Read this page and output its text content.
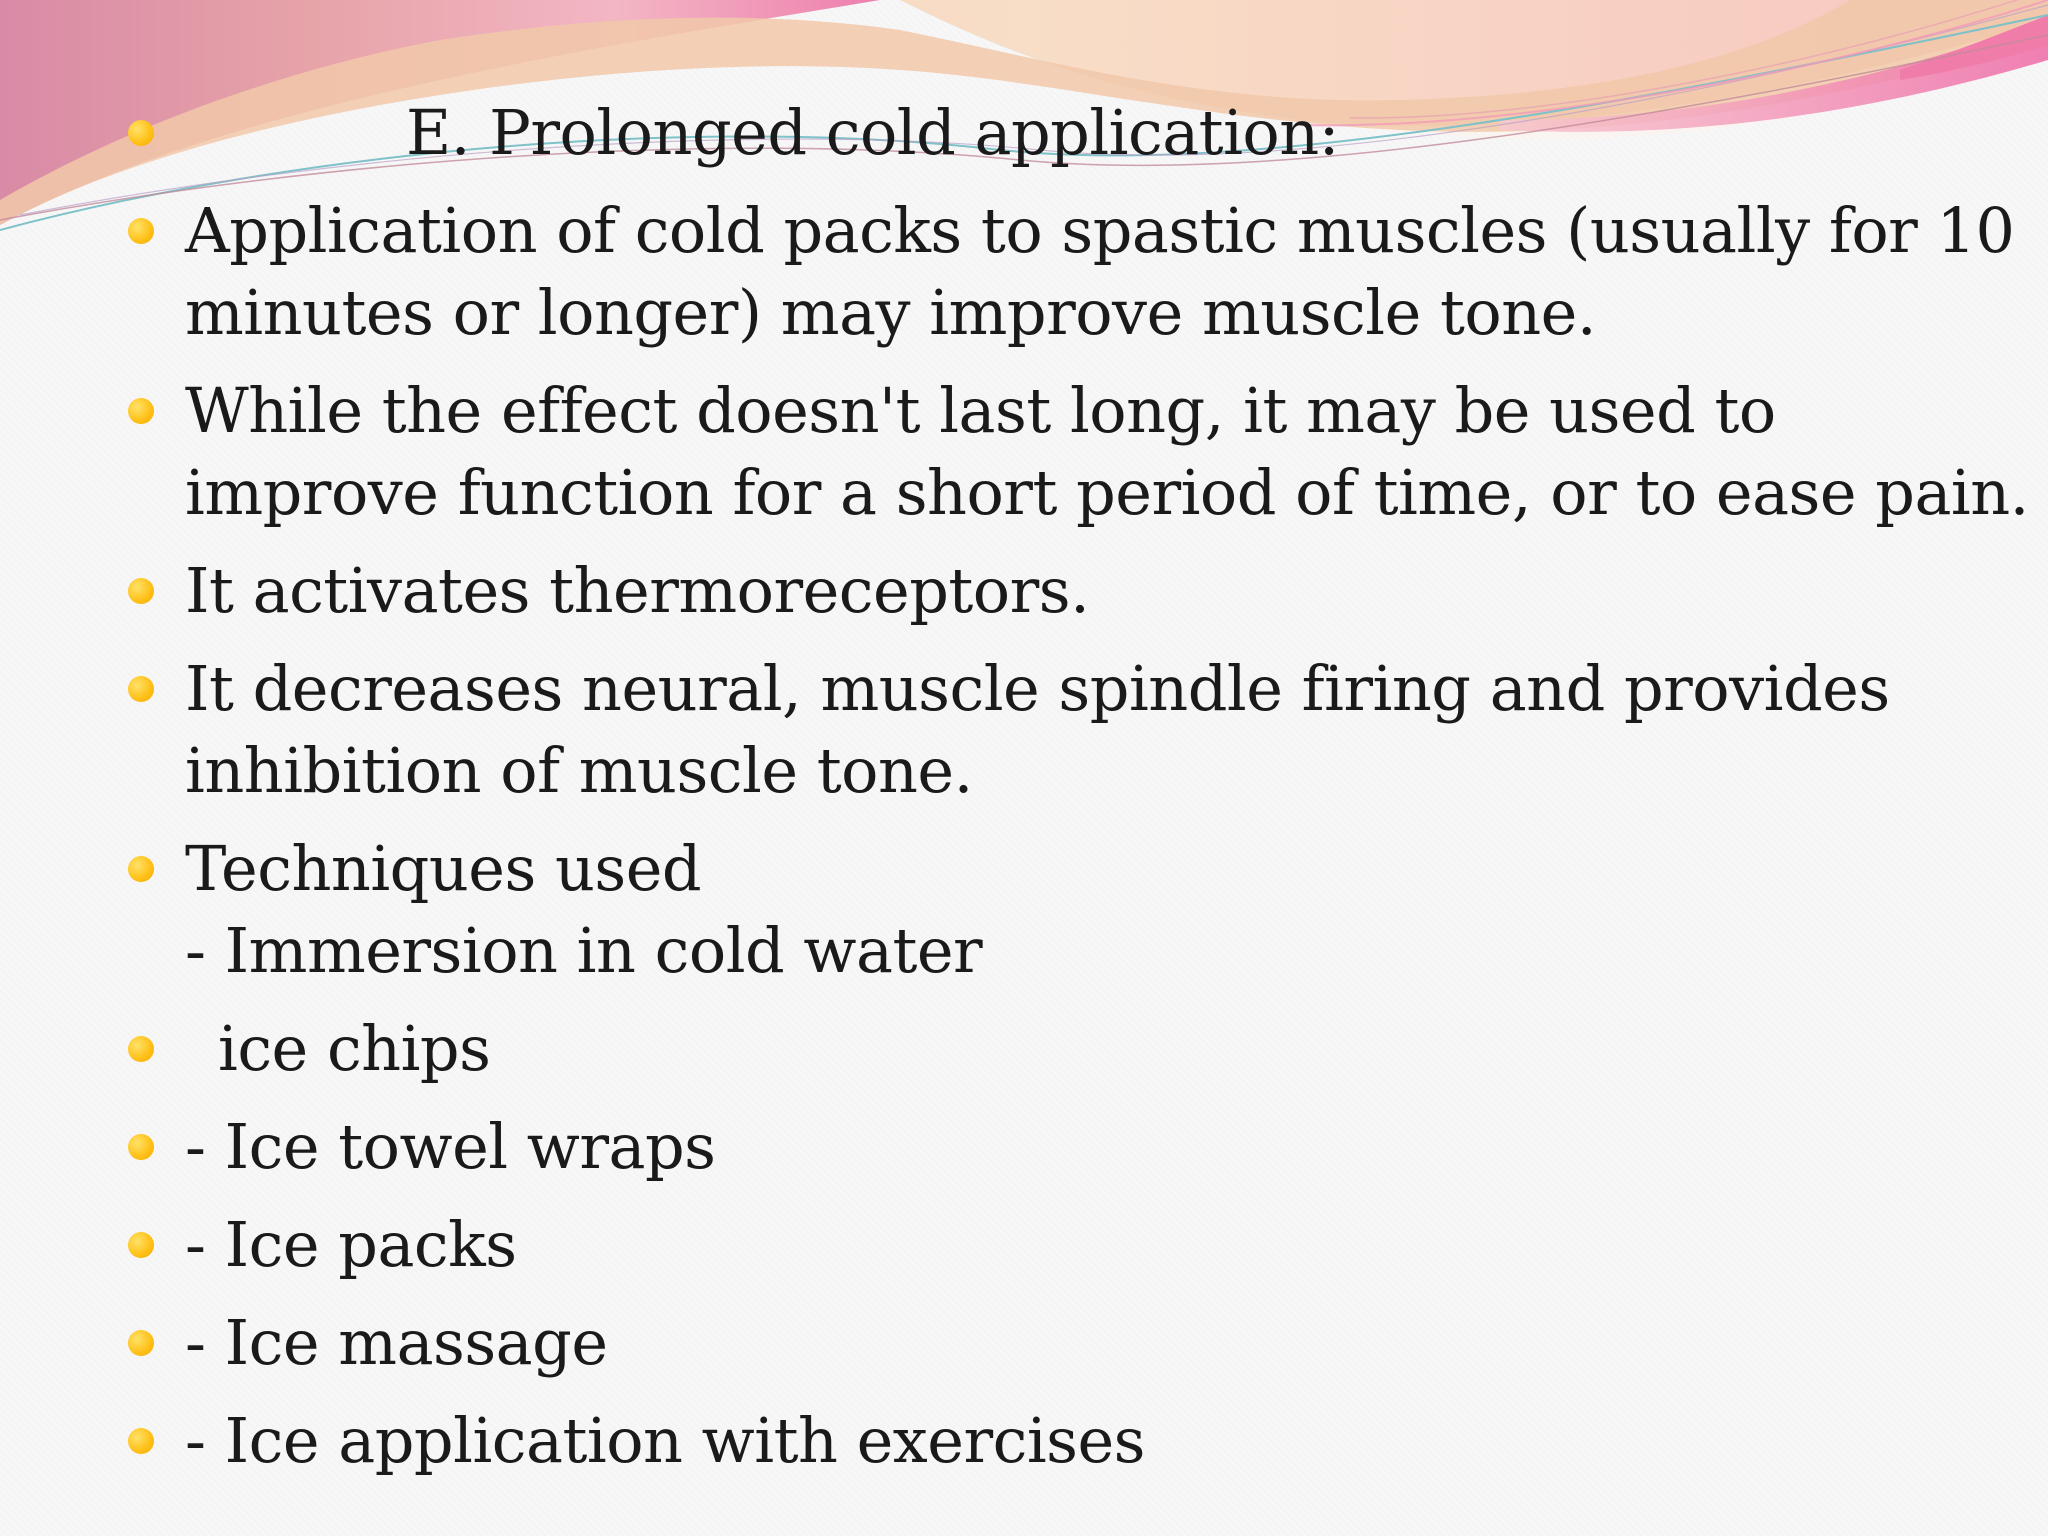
E. Prolonged cold application:
Application of cold packs to spastic muscles (usually for 10
minutes or longer) may improve muscle tone.
While the effect doesn't last long, it may be used to
improve function for a short period of time, or to ease pain.
It activates thermoreceptors.
It decreases neural, muscle spindle firing and provides
inhibition of muscle tone.
Techniques used
- Immersion in cold water
ice chips
- Ice towel wraps
- Ice packs
- Ice massage
- Ice application with exercises
